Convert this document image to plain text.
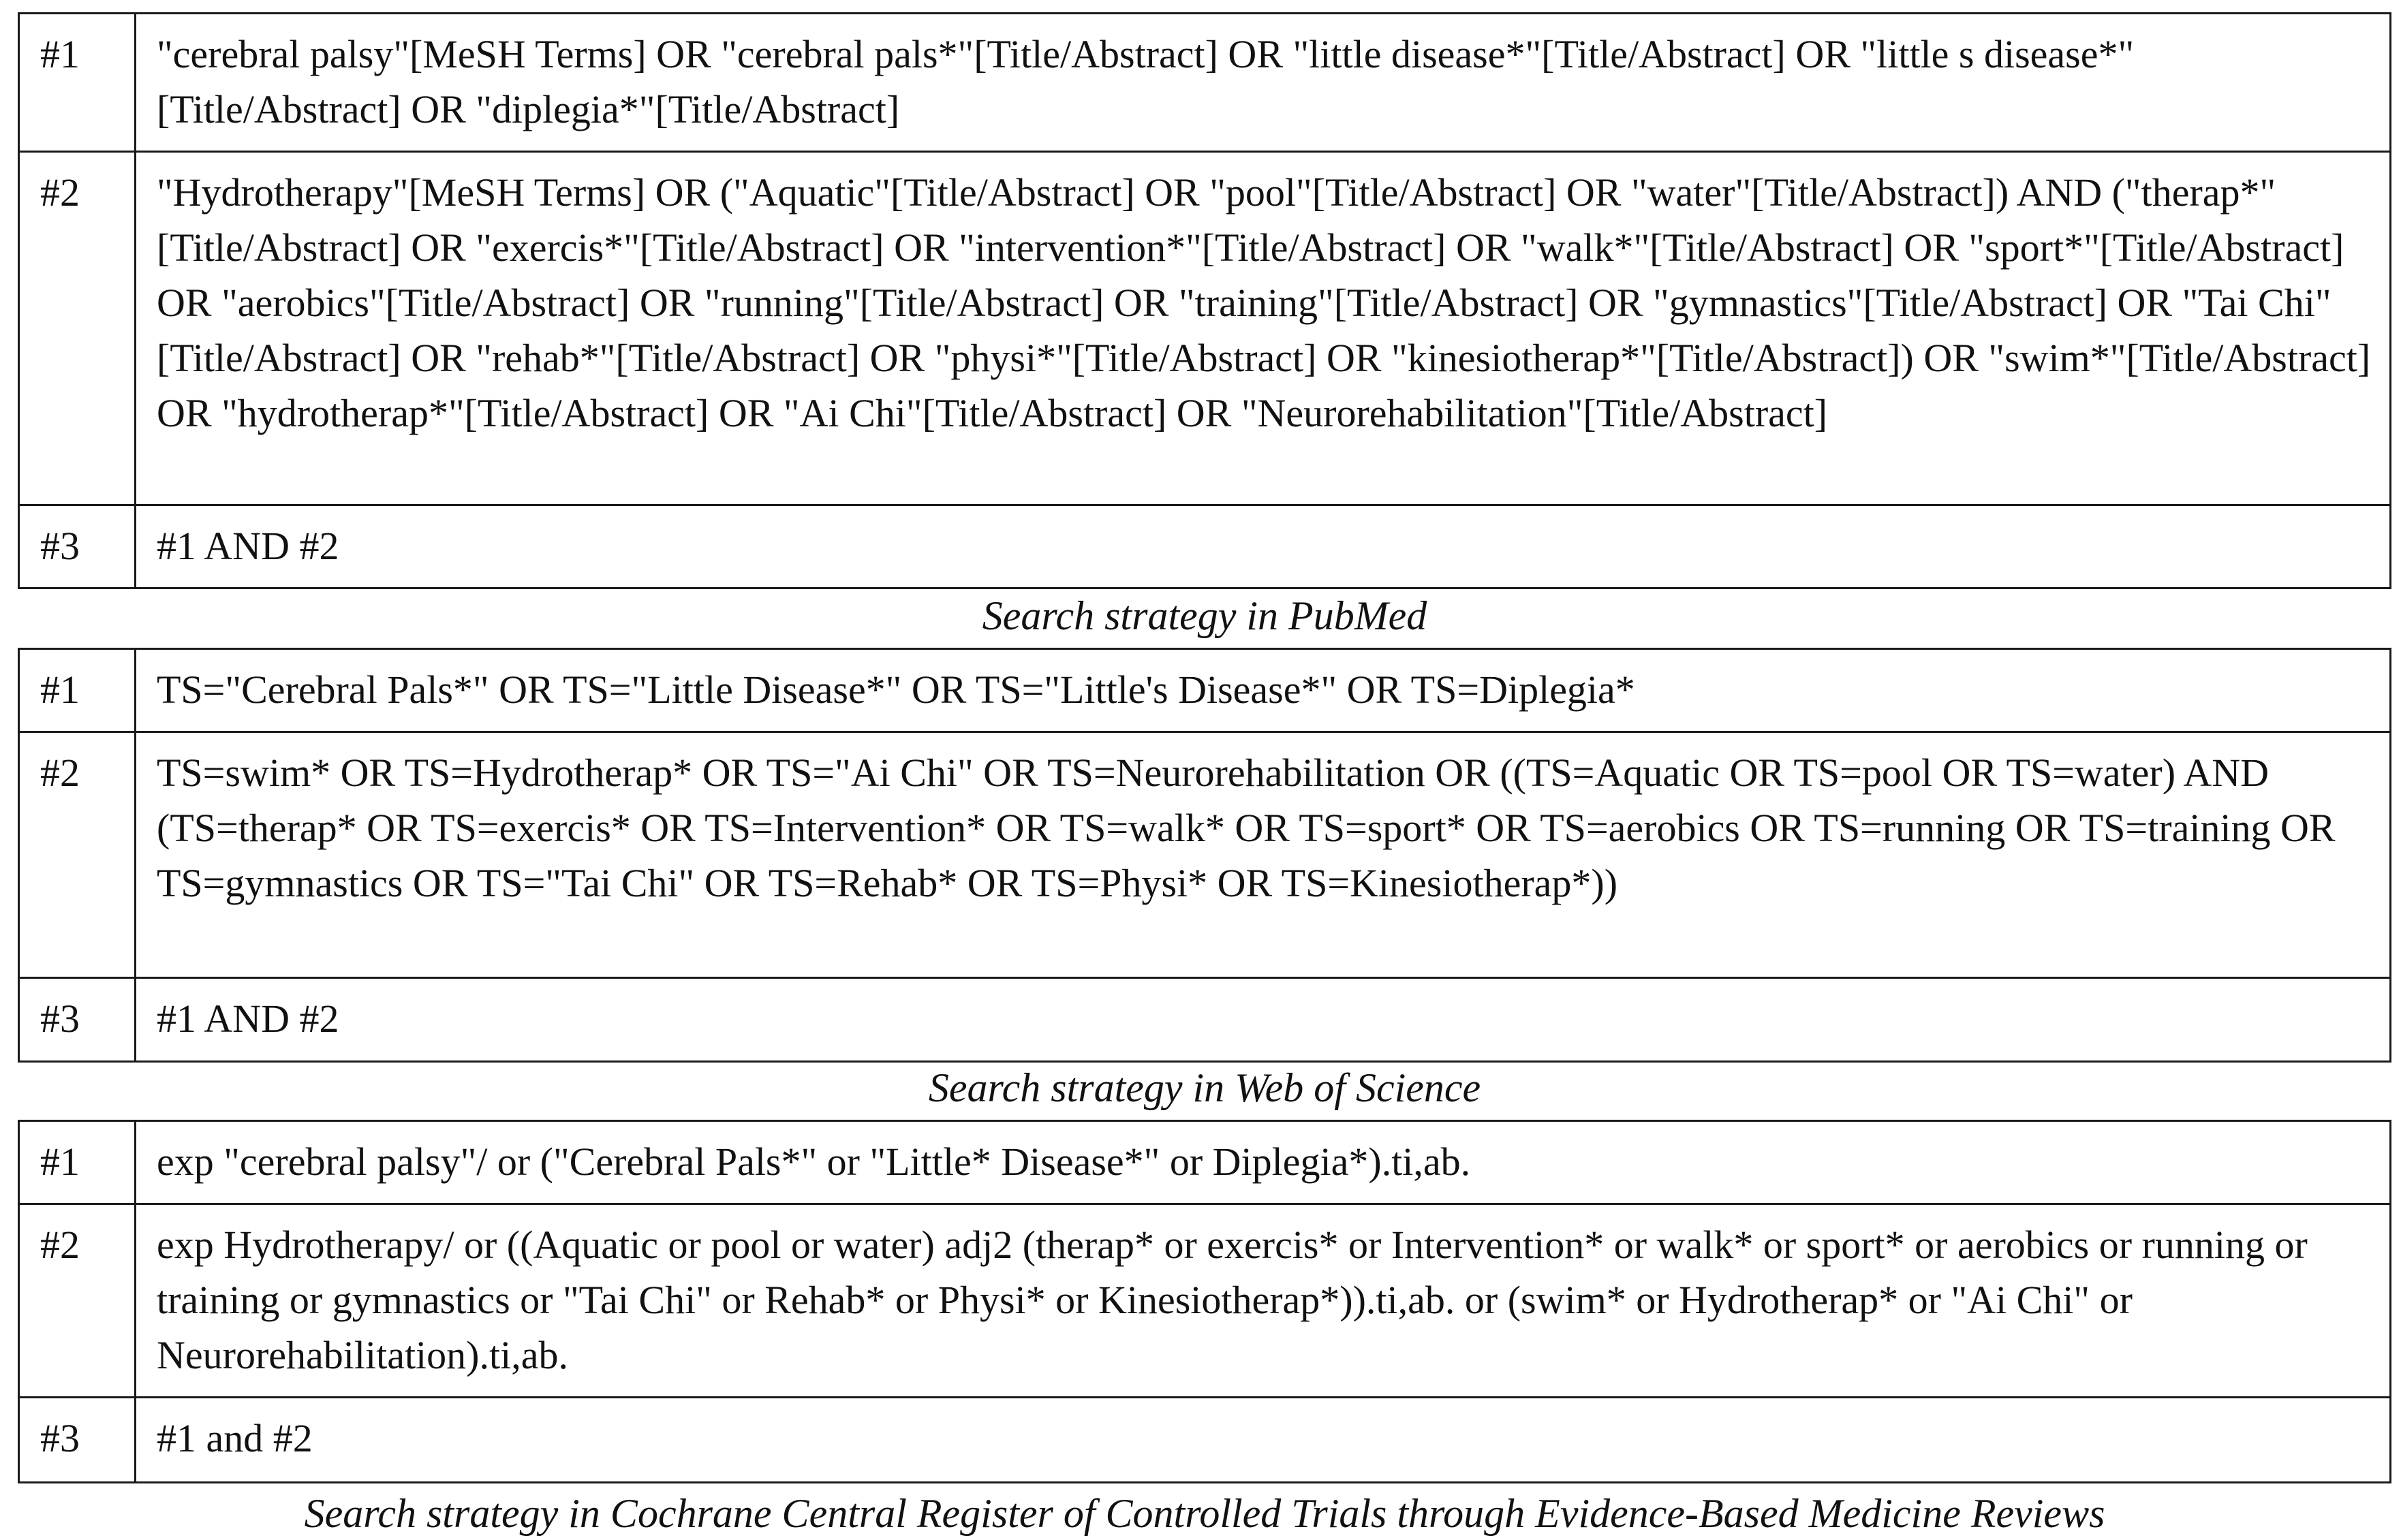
#1	"cerebral palsy"[MeSH Terms] OR "cerebral pals*"[Title/Abstract] OR "little disease*"[Title/Abstract] OR "little s disease*"[Title/Abstract] OR "diplegia*"[Title/Abstract]
#2	"Hydrotherapy"[MeSH Terms] OR ("Aquatic"[Title/Abstract] OR "pool"[Title/Abstract] OR "water"[Title/Abstract]) AND ("therap*"[Title/Abstract] OR "exercis*"[Title/Abstract] OR "intervention*"[Title/Abstract] OR "walk*"[Title/Abstract] OR "sport*"[Title/Abstract] OR "aerobics"[Title/Abstract] OR "running"[Title/Abstract] OR "training"[Title/Abstract] OR "gymnastics"[Title/Abstract] OR "Tai Chi"[Title/Abstract] OR "rehab*"[Title/Abstract] OR "physi*"[Title/Abstract] OR "kinesiotherap*"[Title/Abstract]) OR "swim*"[Title/Abstract] OR "hydrotherap*"[Title/Abstract] OR "Ai Chi"[Title/Abstract] OR "Neurorehabilitation"[Title/Abstract]
#3	#1 AND #2
Search strategy in PubMed
#1	TS="Cerebral Pals*" OR TS="Little Disease*" OR TS="Little's Disease*" OR TS=Diplegia*
#2	TS=swim* OR TS=Hydrotherap* OR TS="Ai Chi" OR TS=Neurorehabilitation OR ((TS=Aquatic OR TS=pool OR TS=water) AND (TS=therap* OR TS=exercis* OR TS=Intervention* OR TS=walk* OR TS=sport* OR TS=aerobics OR TS=running OR TS=training OR TS=gymnastics OR TS="Tai Chi" OR TS=Rehab* OR TS=Physi* OR TS=Kinesiotherap*))
#3	#1 AND #2
Search strategy in Web of Science
#1	exp "cerebral palsy"/ or ("Cerebral Pals*" or "Little* Disease*" or Diplegia*).ti,ab.
#2	exp Hydrotherapy/ or ((Aquatic or pool or water) adj2 (therap* or exercis* or Intervention* or walk* or sport* or aerobics or running or training or gymnastics or "Tai Chi" or Rehab* or Physi* or Kinesiotherap*)).ti,ab. or (swim* or Hydrotherap* or "Ai Chi" or Neurorehabilitation).ti,ab.
#3	#1 and #2
Search strategy in Cochrane Central Register of Controlled Trials through Evidence-Based Medicine Reviews
